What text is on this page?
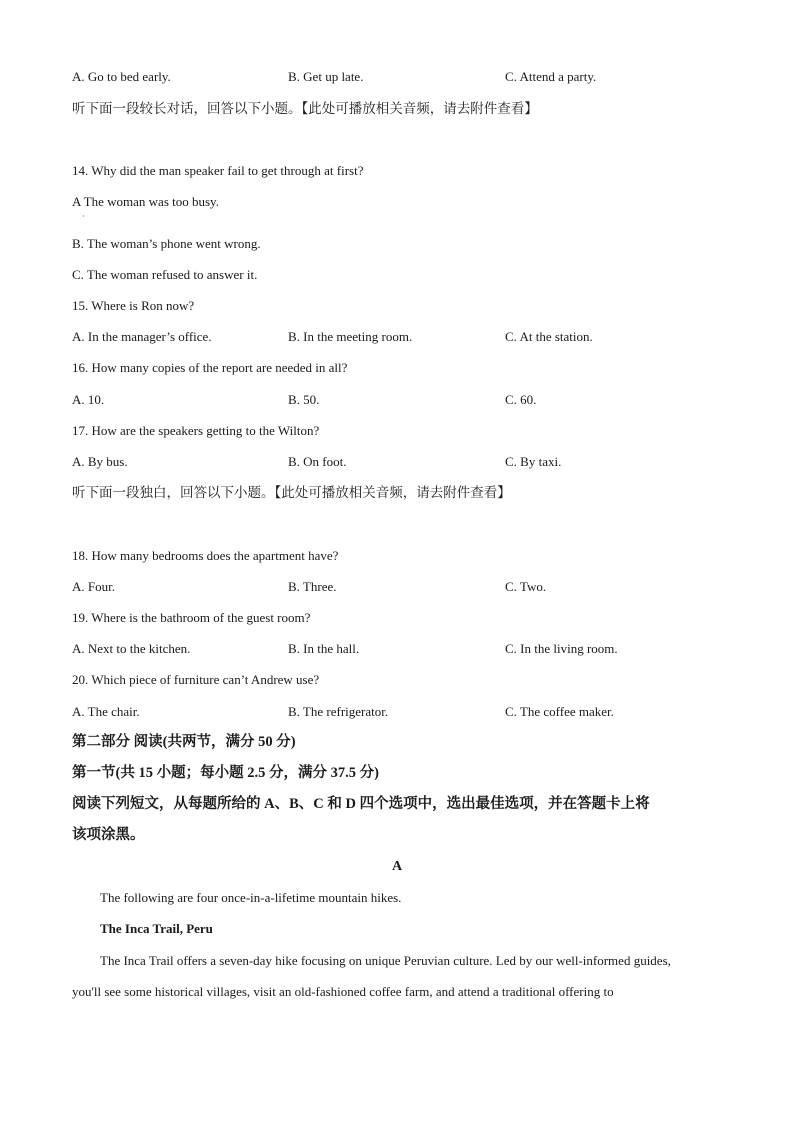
A. Go to bed early.	B. Get up late.	C. Attend a party.
听下面一段较长对话，回答以下小题。【此处可播放相关音频，请去附件查看】
14. Why did the man speaker fail to get through at first?
A The woman was too busy.
·
B. The woman’s phone went wrong.
C. The woman refused to answer it.
15. Where is Ron now?
A. In the manager’s office.	B. In the meeting room.	C. At the station.
16. How many copies of the report are needed in all?
A. 10.	B. 50.	C. 60.
17. How are the speakers getting to the Wilton?
A. By bus.	B. On foot.	C. By taxi.
听下面一段独白，回答以下小题。【此处可播放相关音频，请去附件查看】
18. How many bedrooms does the apartment have?
A. Four.	B. Three.	C. Two.
19. Where is the bathroom of the guest room?
A. Next to the kitchen.	B. In the hall.	C. In the living room.
20. Which piece of furniture can’t Andrew use?
A. The chair.	B. The refrigerator.	C. The coffee maker.
第二部分 阅读(共两节，满分 50 分)
第一节(共 15 小题；每小题 2.5 分，满分 37.5 分)
阅读下列短文，从每题所给的 A、B、C 和 D 四个选项中，选出最佳选项，并在答题卡上将
该项涂黑。
A
The following are four once-in-a-lifetime mountain hikes.
The Inca Trail, Peru
The Inca Trail offers a seven-day hike focusing on unique Peruvian culture. Led by our well-informed guides,
you'll see some historical villages, visit an old-fashioned coffee farm, and attend a traditional offering to
